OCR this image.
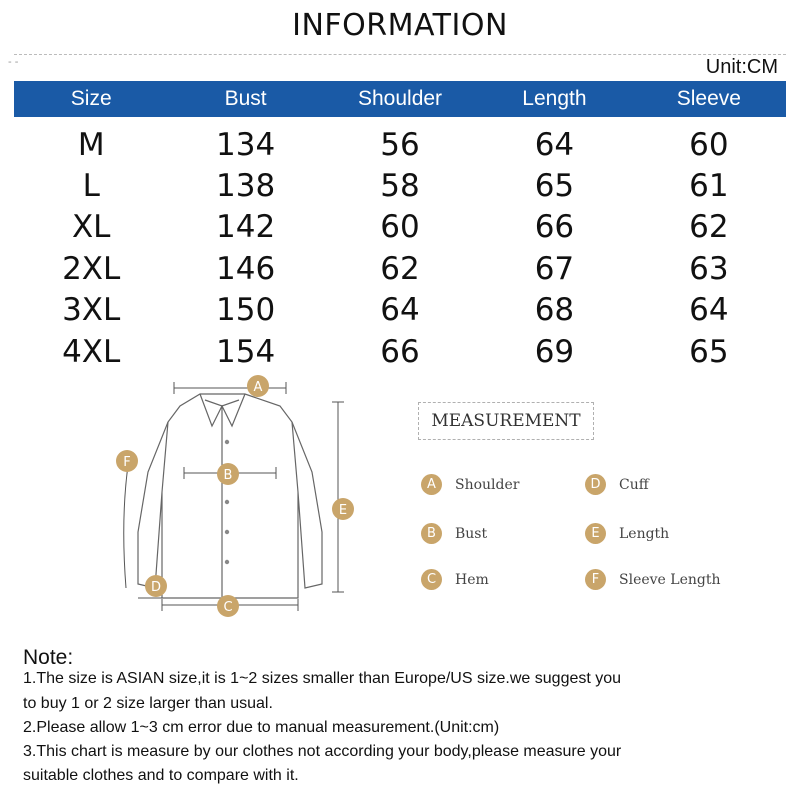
INFORMATION
- -	Unit:CM
Size	Bust	Shoulder	Length	Sleeve
M	134	56	64	60
L	138	58	65	61
XL	142	60	66	62
2XL	146	62	67	63
3XL	150	64	68	64
4XL	154	66	69	65
A
B
C
D
E
F
MEASUREMENT
A	Shoulder
B	Bust
C	Hem
D	Cuff
E	Length
F	Sleeve Length
Note:
1.The size is ASIAN size,it is 1~2 sizes smaller than Europe/US size.we suggest you
to buy 1 or 2 size larger than usual.
2.Please allow 1~3 cm error due to manual measurement.(Unit:cm)
3.This chart is measure by our clothes not according your body,please measure your
suitable clothes and to compare with it.
